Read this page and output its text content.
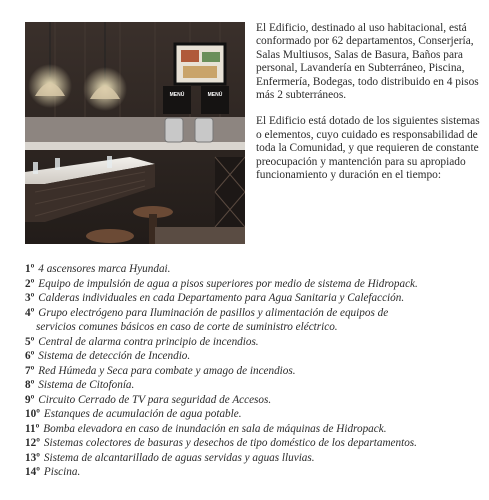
MENÚ	MENÚ

El Edificio, destinado al uso habitacional, está conformado por 62 departamentos, Conserjería, Salas Multiusos, Salas de Basura, Baños para personal, Lavandería en Subterráneo, Piscina, Enfermería, Bodegas, todo distribuido en 4 pisos más 2 subterráneos.

El Edificio está dotado de los siguientes sistemas o elementos, cuyo cuidado es responsabilidad de toda la Comunidad, y que requieren de constante preocupación y mantención para su apropiado funcionamiento y duración en el tiempo:

1º 4 ascensores marca Hyundai.
2º Equipo de impulsión de agua a pisos superiores por medio de sistema de Hidropack.
3º Calderas individuales en cada Departamento para Agua Sanitaria y Calefacción.
4º Grupo electrógeno para Iluminación de pasillos y alimentación de equipos de
servicios comunes básicos en caso de corte de suministro eléctrico.
5º Central de alarma contra principio de incendios.
6º Sistema de detección de Incendio.
7º Red Húmeda y Seca para combate y amago de incendios.
8º Sistema de Citofonía.
9º Circuito Cerrado de TV para seguridad de Accesos.
10º Estanques de acumulación de agua potable.
11º Bomba elevadora en caso de inundación en sala de máquinas de Hidropack.
12º Sistemas colectores de basuras y desechos de tipo doméstico de los departamentos.
13º Sistema de alcantarillado de aguas servidas y aguas lluvias.
14º Piscina.
